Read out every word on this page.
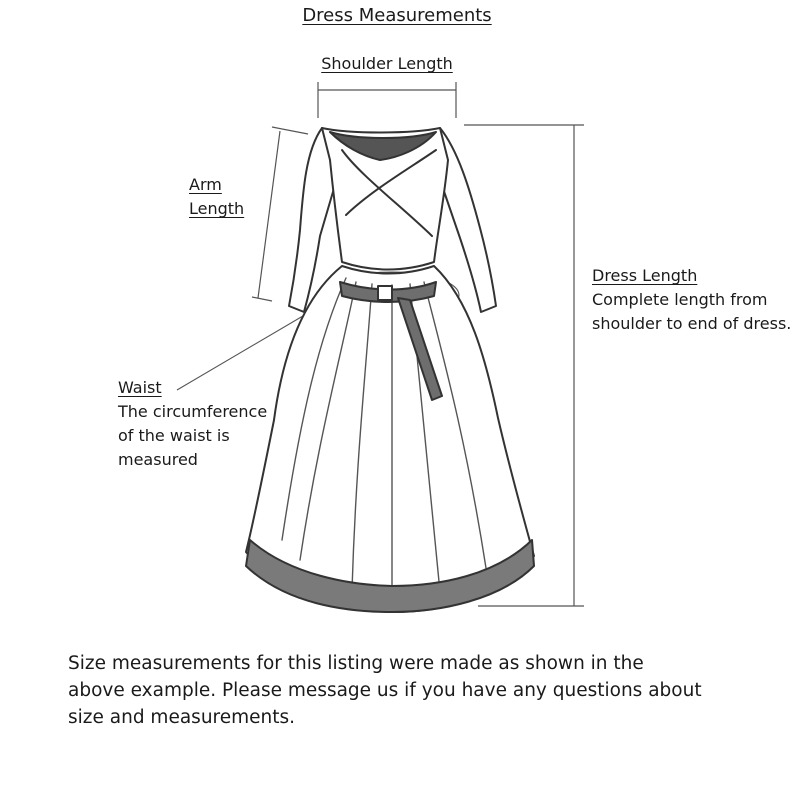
Dress Measurements
Shoulder Length
Arm
Length
Dress Length
Complete length from
shoulder to end of dress.
Waist
The circumference
of the waist is
measured
Size measurements for this listing were made as shown in the
above example. Please message us if you have any questions about
size and measurements.
